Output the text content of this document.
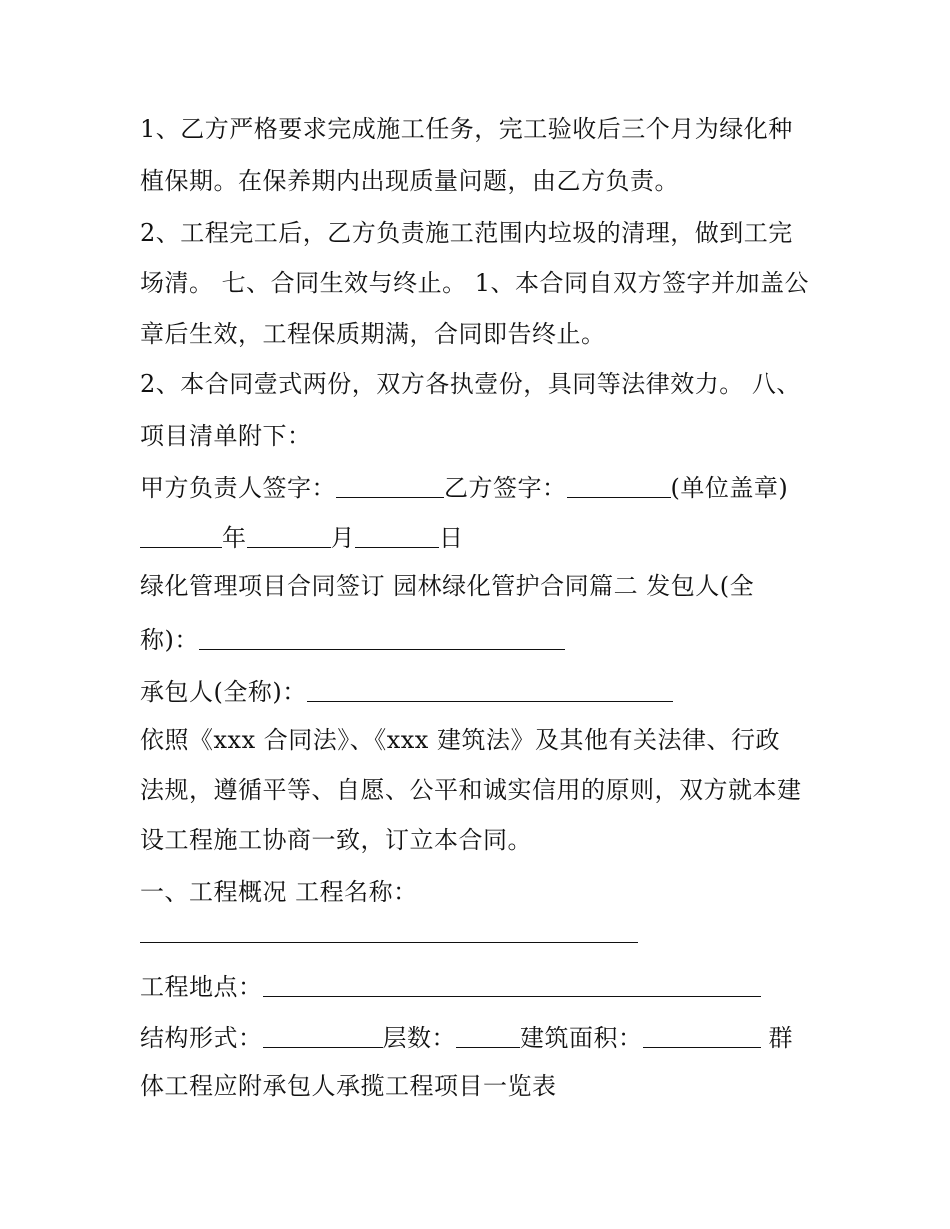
1、乙方严格要求完成施工任务，完工验收后三个月为绿化种
植保期。在保养期内出现质量问题，由乙方负责。
2、工程完工后，乙方负责施工范围内垃圾的清理，做到工完
场清。 七、合同生效与终止。 1、本合同自双方签字并加盖公
章后生效，工程保质期满，合同即告终止。
2、本合同壹式两份，双方各执壹份，具同等法律效力。 八、
项目清单附下：
甲方负责人签字：	乙方签字：	(单位盖章)
年	月	日
绿化管理项目合同签订 园林绿化管护合同篇二 发包人(全
称)：
承包人(全称)：
依照《xxx 合同法》、《xxx 建筑法》及其他有关法律、行政
法规，遵循平等、自愿、公平和诚实信用的原则，双方就本建
设工程施工协商一致，订立本合同。
一、工程概况 工程名称：
工程地点：
结构形式：	层数：	建筑面积：	群
体工程应附承包人承揽工程项目一览表
